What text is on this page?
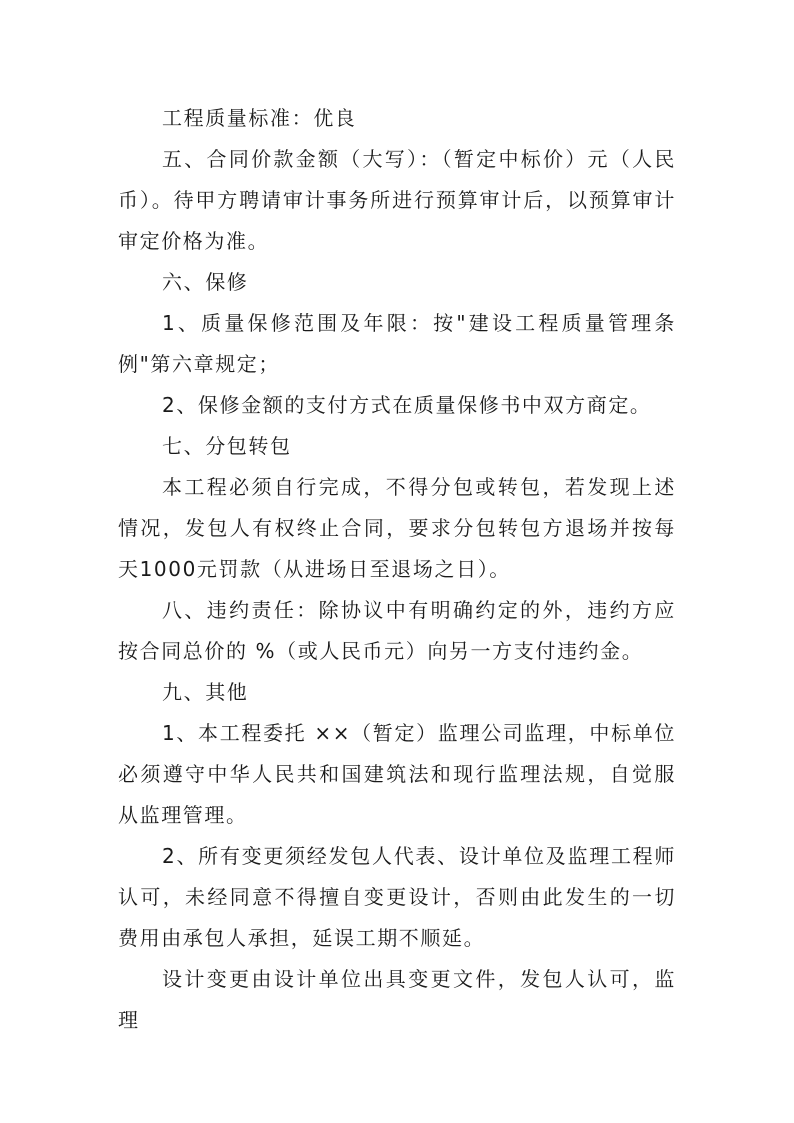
工程质量标准：优良

五、合同价款金额（大写）：（暂定中标价）元（人民币）。待甲方聘请审计事务所进行预算审计后，以预算审计审定价格为准。

六、保修

1、质量保修范围及年限：按"建设工程质量管理条例"第六章规定；

2、保修金额的支付方式在质量保修书中双方商定。

七、分包转包

本工程必须自行完成，不得分包或转包，若发现上述情况，发包人有权终止合同，要求分包转包方退场并按每天1000元罚款（从进场日至退场之日）。

八、违约责任：除协议中有明确约定的外，违约方应按合同总价的 %（或人民币元）向另一方支付违约金。

九、其他

1、本工程委托 ××（暂定）监理公司监理，中标单位必须遵守中华人民共和国建筑法和现行监理法规，自觉服从监理管理。

2、所有变更须经发包人代表、设计单位及监理工程师认可，未经同意不得擅自变更设计，否则由此发生的一切费用由承包人承担，延误工期不顺延。

设计变更由设计单位出具变更文件，发包人认可，监理
